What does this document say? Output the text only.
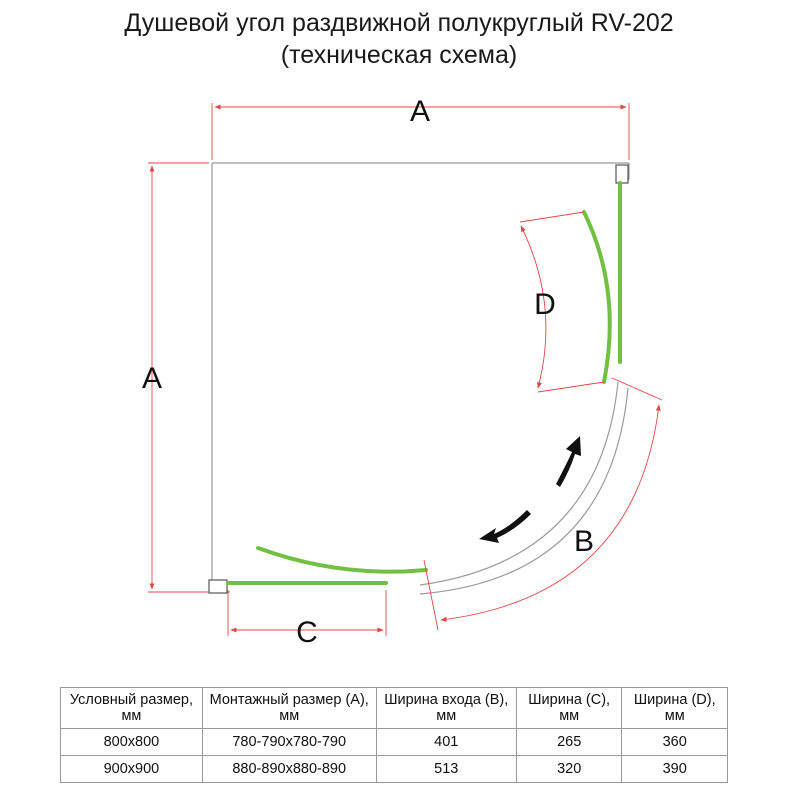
Душевой угол раздвижной полукруглый RV-202
(техническая схема)
A
A
C
D
B
Условный размер, мм	Монтажный размер (А), мм	Ширина входа (B), мм	Ширина (С), мм	Ширина (D), мм
800x800	780-790x780-790	401	265	360
900x900	880-890x880-890	513	320	390
